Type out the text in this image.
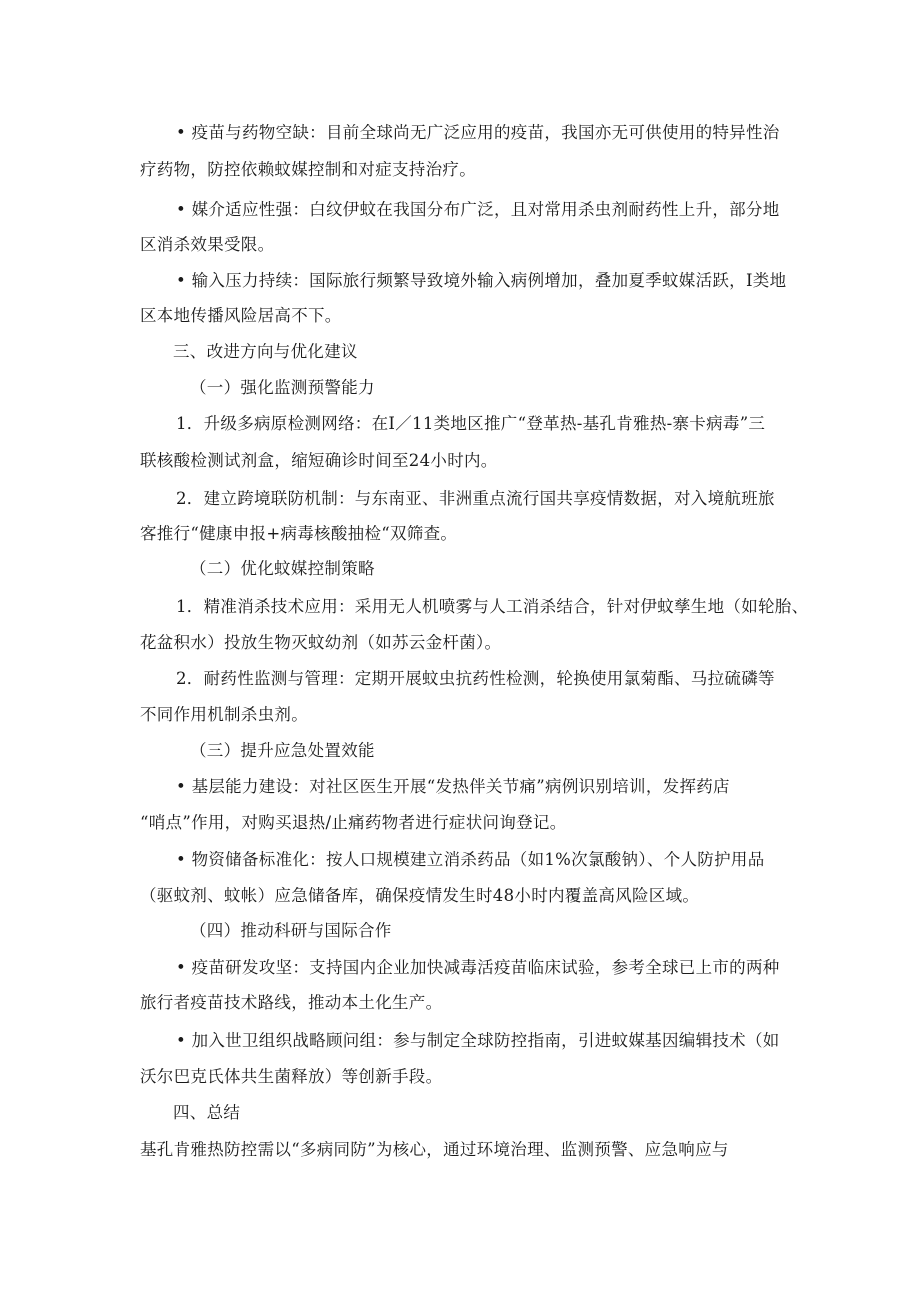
• 疫苗与药物空缺：目前全球尚无广泛应用的疫苗，我国亦无可供使用的特异性治
疗药物，防控依赖蚊媒控制和对症支持治疗。
• 媒介适应性强：白纹伊蚊在我国分布广泛，且对常用杀虫剂耐药性上升，部分地
区消杀效果受限。
• 输入压力持续：国际旅行频繁导致境外输入病例增加，叠加夏季蚊媒活跃，I类地
区本地传播风险居高不下。
三、改进方向与优化建议
（一）强化监测预警能力
1．升级多病原检测网络：在I／11类地区推广“登革热-基孔肯雅热-寨卡病毒”三
联核酸检测试剂盒，缩短确诊时间至24小时内。
2．建立跨境联防机制：与东南亚、非洲重点流行国共享疫情数据，对入境航班旅
客推行“健康申报+病毒核酸抽检“双筛查。
（二）优化蚊媒控制策略
1．精准消杀技术应用：采用无人机喷雾与人工消杀结合，针对伊蚊孳生地（如轮胎、
花盆积水）投放生物灭蚊幼剂（如苏云金杆菌）。
2．耐药性监测与管理：定期开展蚊虫抗药性检测，轮换使用氯菊酯、马拉硫磷等
不同作用机制杀虫剂。
（三）提升应急处置效能
• 基层能力建设：对社区医生开展“发热伴关节痛”病例识别培训，发挥药店
“哨点”作用，对购买退热/止痛药物者进行症状问询登记。
• 物资储备标准化：按人口规模建立消杀药品（如1%次氯酸钠）、个人防护用品
（驱蚊剂、蚊帐）应急储备库，确保疫情发生时48小时内覆盖高风险区域。
（四）推动科研与国际合作
• 疫苗研发攻坚：支持国内企业加快减毒活疫苗临床试验，参考全球已上市的两种
旅行者疫苗技术路线，推动本土化生产。
• 加入世卫组织战略顾问组：参与制定全球防控指南，引进蚊媒基因编辑技术（如
沃尔巴克氏体共生菌释放）等创新手段。
四、总结
基孔肯雅热防控需以“多病同防”为核心，通过环境治理、监测预警、应急响应与
